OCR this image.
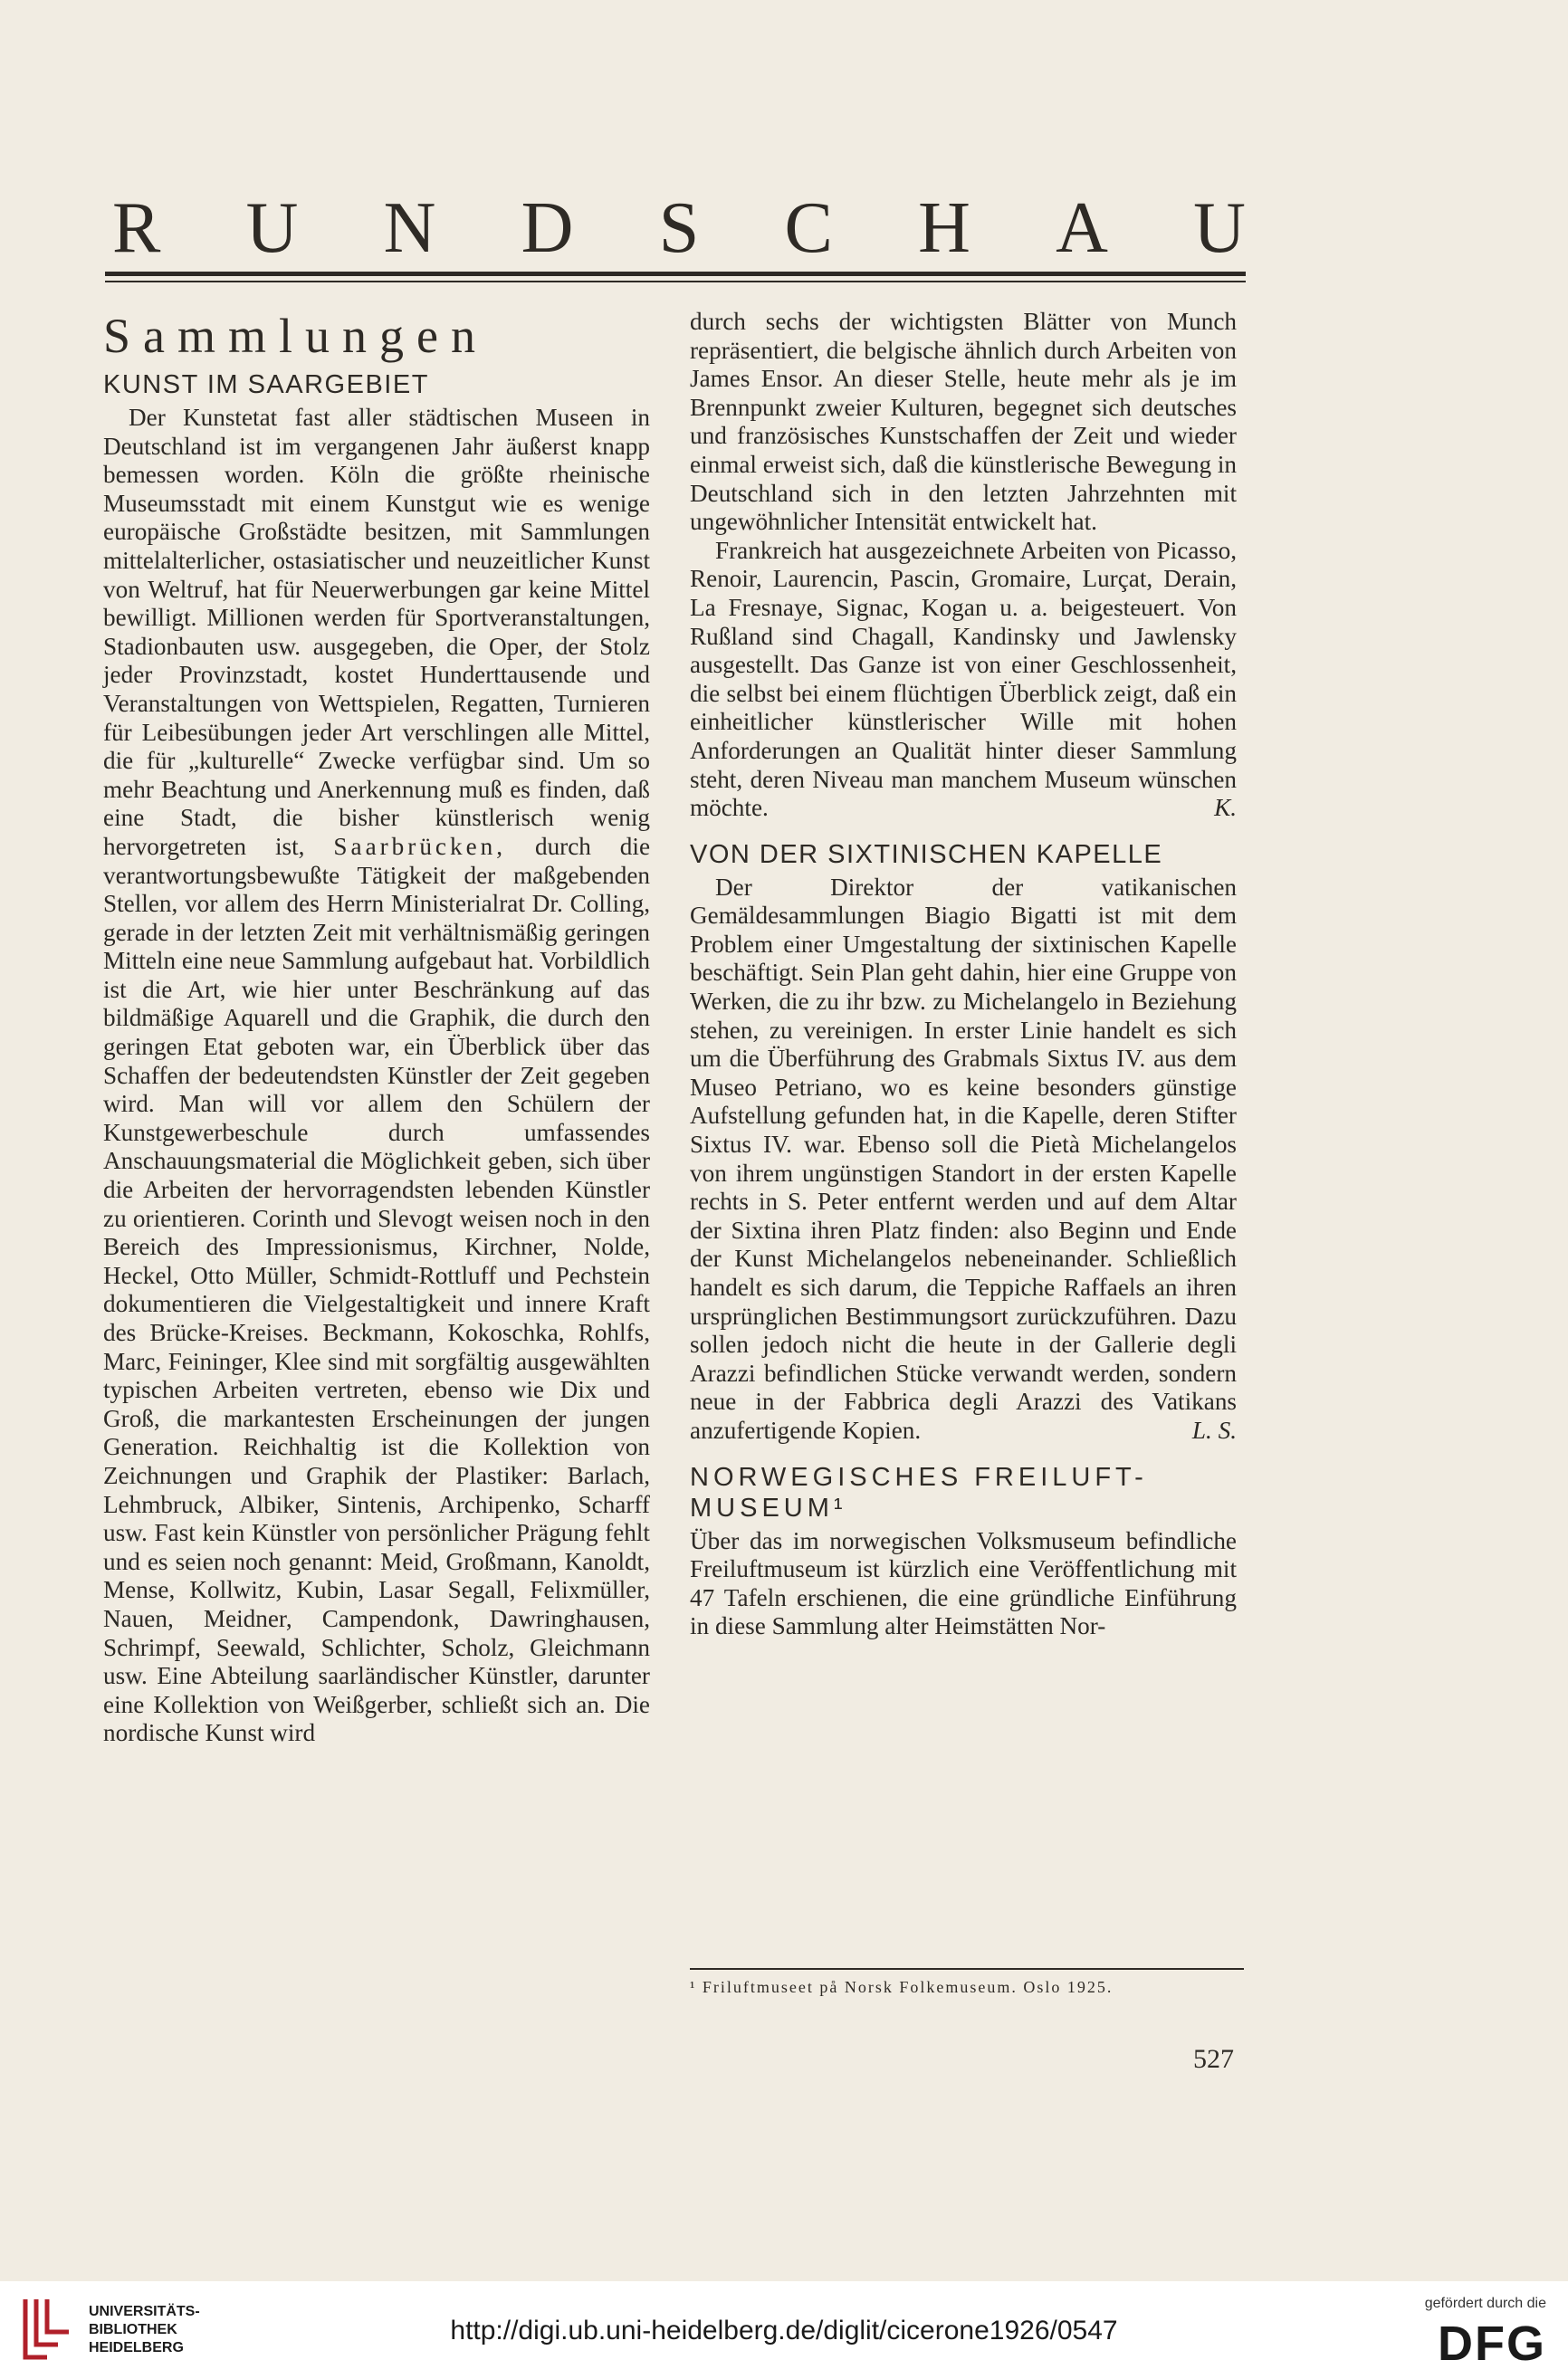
R U N D S C H A U
Sammlungen
KUNST IM SAARGEBIET

Der Kunstetat fast aller städtischen Museen in Deutschland ist im vergangenen Jahr äußerst knapp bemessen worden. Köln die größte rheinische Museumsstadt mit einem Kunstgut wie es wenige europäische Großstädte besitzen, mit Sammlungen mittelalterlicher, ostasiatischer und neuzeitlicher Kunst von Weltruf, hat für Neuerwerbungen gar keine Mittel bewilligt. Millionen werden für Sportveranstaltungen, Stadionbauten usw. ausgegeben, die Oper, der Stolz jeder Provinzstadt, kostet Hunderttausende und Veranstaltungen von Wettspielen, Regatten, Turnieren für Leibesübungen jeder Art verschlingen alle Mittel, die für „kulturelle“ Zwecke verfügbar sind. Um so mehr Beachtung und Anerkennung muß es finden, daß eine Stadt, die bisher künstlerisch wenig hervorgetreten ist, Saarbrücken, durch die verantwortungsbewußte Tätigkeit der maßgebenden Stellen, vor allem des Herrn Ministerialrat Dr. Colling, gerade in der letzten Zeit mit verhältnismäßig geringen Mitteln eine neue Sammlung aufgebaut hat. Vorbildlich ist die Art, wie hier unter Beschränkung auf das bildmäßige Aquarell und die Graphik, die durch den geringen Etat geboten war, ein Überblick über das Schaffen der bedeutendsten Künstler der Zeit gegeben wird. Man will vor allem den Schülern der Kunstgewerbeschule durch umfassendes Anschauungsmaterial die Möglichkeit geben, sich über die Arbeiten der hervorragendsten lebenden Künstler zu orientieren. Corinth und Slevogt weisen noch in den Bereich des Impressionismus, Kirchner, Nolde, Heckel, Otto Müller, Schmidt-Rottluff und Pechstein dokumentieren die Vielgestaltigkeit und innere Kraft des Brücke-Kreises. Beckmann, Kokoschka, Rohlfs, Marc, Feininger, Klee sind mit sorgfältig ausgewählten typischen Arbeiten vertreten, ebenso wie Dix und Groß, die markantesten Erscheinungen der jungen Generation. Reichhaltig ist die Kollektion von Zeichnungen und Graphik der Plastiker: Barlach, Lehmbruck, Albiker, Sintenis, Archipenko, Scharff usw. Fast kein Künstler von persönlicher Prägung fehlt und es seien noch genannt: Meid, Großmann, Kanoldt, Mense, Kollwitz, Kubin, Lasar Segall, Felixmüller, Nauen, Meidner, Campendonk, Dawringhausen, Schrimpf, Seewald, Schlichter, Scholz, Gleichmann usw. Eine Abteilung saarländischer Künstler, darunter eine Kollektion von Weißgerber, schließt sich an. Die nordische Kunst wird

durch sechs der wichtigsten Blätter von Munch repräsentiert, die belgische ähnlich durch Arbeiten von James Ensor. An dieser Stelle, heute mehr als je im Brennpunkt zweier Kulturen, begegnet sich deutsches und französisches Kunstschaffen der Zeit und wieder einmal erweist sich, daß die künstlerische Bewegung in Deutschland sich in den letzten Jahrzehnten mit ungewöhnlicher Intensität entwickelt hat.

Frankreich hat ausgezeichnete Arbeiten von Picasso, Renoir, Laurencin, Pascin, Gromaire, Lurçat, Derain, La Fresnaye, Signac, Kogan u. a. beigesteuert. Von Rußland sind Chagall, Kandinsky und Jawlensky ausgestellt. Das Ganze ist von einer Geschlossenheit, die selbst bei einem flüchtigen Überblick zeigt, daß ein einheitlicher künstlerischer Wille mit hohen Anforderungen an Qualität hinter dieser Sammlung steht, deren Niveau man manchem Museum wünschen möchte.	K.

VON DER SIXTINISCHEN KAPELLE

Der Direktor der vatikanischen Gemäldesammlungen Biagio Bigatti ist mit dem Problem einer Umgestaltung der sixtinischen Kapelle beschäftigt. Sein Plan geht dahin, hier eine Gruppe von Werken, die zu ihr bzw. zu Michelangelo in Beziehung stehen, zu vereinigen. In erster Linie handelt es sich um die Überführung des Grabmals Sixtus IV. aus dem Museo Petriano, wo es keine besonders günstige Aufstellung gefunden hat, in die Kapelle, deren Stifter Sixtus IV. war. Ebenso soll die Pietà Michelangelos von ihrem ungünstigen Standort in der ersten Kapelle rechts in S. Peter entfernt werden und auf dem Altar der Sixtina ihren Platz finden: also Beginn und Ende der Kunst Michelangelos nebeneinander. Schließlich handelt es sich darum, die Teppiche Raffaels an ihren ursprünglichen Bestimmungsort zurückzuführen. Dazu sollen jedoch nicht die heute in der Gallerie degli Arazzi befindlichen Stücke verwandt werden, sondern neue in der Fabbrica degli Arazzi des Vatikans anzufertigende Kopien.	L. S.

NORWEGISCHES FREILUFT-MUSEUM¹

Über das im norwegischen Volksmuseum befindliche Freiluftmuseum ist kürzlich eine Veröffentlichung mit 47 Tafeln erschienen, die eine gründliche Einführung in diese Sammlung alter Heimstätten Nor-

¹ Friluftmuseet på Norsk Folkemuseum. Oslo 1925.
527
UNIVERSITÄTS-
BIBLIOTHEK
HEIDELBERG
http://digi.ub.uni-heidelberg.de/diglit/cicerone1926/0547
gefördert durch die
DFG
